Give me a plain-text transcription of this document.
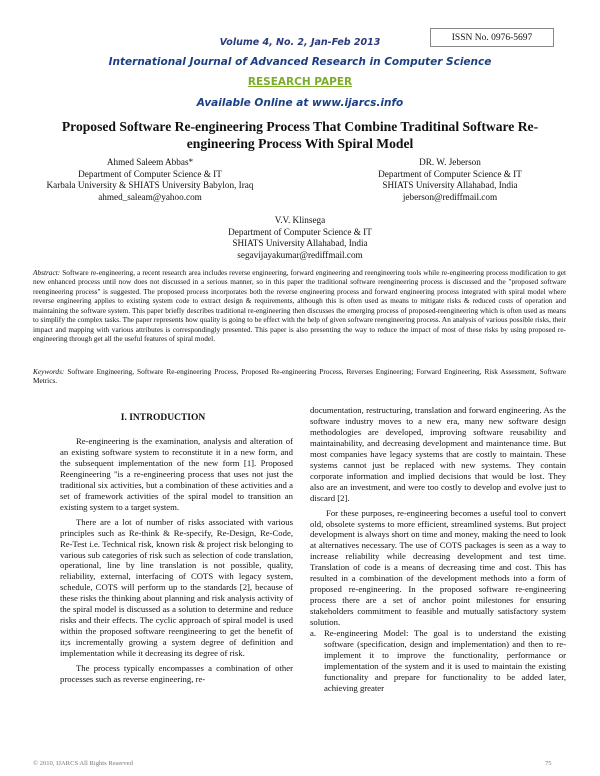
ISSN No. 0976-5697
Volume 4, No. 2, Jan-Feb 2013
International Journal of Advanced Research in Computer Science
RESEARCH PAPER
Available Online at www.ijarcs.info
Proposed Software Re-engineering Process That Combine Traditinal Software Re-engineering Process With Spiral Model
Ahmed Saleem Abbas*
Department of Computer Science & IT
Karbala University & SHIATS University Babylon, Iraq
ahmed_saleam@yahoo.com
DR. W. Jeberson
Department of Computer Science & IT
SHIATS University Allahabad, India
jeberson@rediffmail.com
V.V. Klinsega
Department of Computer Science & IT
SHIATS University Allahabad, India
segavijayakumar@rediffmail.com
Abstract: Software re-engineering, a recent research area includes reverse engineering, forward engineering and reengineering tools while re-engineering process modification to get new enhanced process until now does not discussed in a serious manner, so in this paper the traditional software reengineering process is discussed and the "proposed software reengineering process" is suggested. The proposed process incorporates both the reverse engineering process and forward engineering process integrated with spiral model where reverse engineering applies to existing system code to extract design & requirements, although this is often used as means to mitigate risks & reduced costs of operation and maintaining the software system. This paper briefly describes traditional re-engineering then discusses the emerging process of proposed-reengineering which is often used as means to simplify the complex tasks. The paper represents how quality is going to be effect with the help of given software reengineering process. An analysis of various possible risks, their impact and mapping with various attributes is correspondingly presented. This paper is also presenting the way to reduce the impact of most of these risks by using proposed re-engineering through get all the useful features of spiral model.
Keywords: Software Engineering, Software Re-engineering Process, Proposed Re-engineering Process, Reverses Engineering; Forward Engineering, Risk Assessment, Software Metrics.
I. INTRODUCTION

Re-engineering is the examination, analysis and alteration of an existing software system to reconstitute it in a new form, and the subsequent implementation of the new form [1]. Proposed Reengineering "is a re-engineering process that uses not just the traditional six activities, but a combination of these activities and a set of framework activities of the spiral model to transition an existing system to a target system.

There are a lot of number of risks associated with various principles such as Re-think & Re-specify, Re-Design, Re-Code, Re-Test i.e. Technical risk, known risk & project risk belonging to various sub categories of risk such as selection of code translation, operational, line by line translation is not possible, quality, reliability, external, interfacing of COTS with legacy system, schedule, COTS will perform up to the standards [2], because of these risks the thinking about planning and risk analysis activity of the spiral model is discussed as a solution to determine and reduce risks and their effects. The cyclic approach of spiral model is used within the proposed software reengineering to get the benefit of it;s incrementally growing a system degree of definition and implementation while it decreasing its degree of risk.

The process typically encompasses a combination of other processes such as reverse engineering, re-

documentation, restructuring, translation and forward engineering. As the software industry moves to a new era, many new software design methodologies are developed, improving software reusability and maintainability, and decreasing development and maintenance time. But most companies have legacy systems that are costly to maintain. These systems cannot just be replaced with new systems. They contain corporate information and implied decisions that would be lost. They also are an investment, and were too costly to develop and evolve just to discard [2].

For these purposes, re-engineering becomes a useful tool to convert old, obsolete systems to more efficient, streamlined systems. But project development is always short on time and money, making the need to look at alternatives necessary. The use of COTS packages is seen as a way to increase reliability while decreasing development and test time. Translation of code is a means of decreasing time and cost. This has resulted in a combination of the development methods into a form of proposed re-engineering. In the proposed software re-engineering process there are a set of anchor point milestones for ensuring stakeholders commitment to feasible and mutually satisfactory system solution.

a. Re-engineering Model: The goal is to understand the existing software (specification, design and implementation) and then to re-implement it to improve the functionality, performance or implementation of the system and it is used to maintain the existing functionality and prepare for functionality to be added later, achieving greater
© 2010, IJARCS All Rights Reserved	75
